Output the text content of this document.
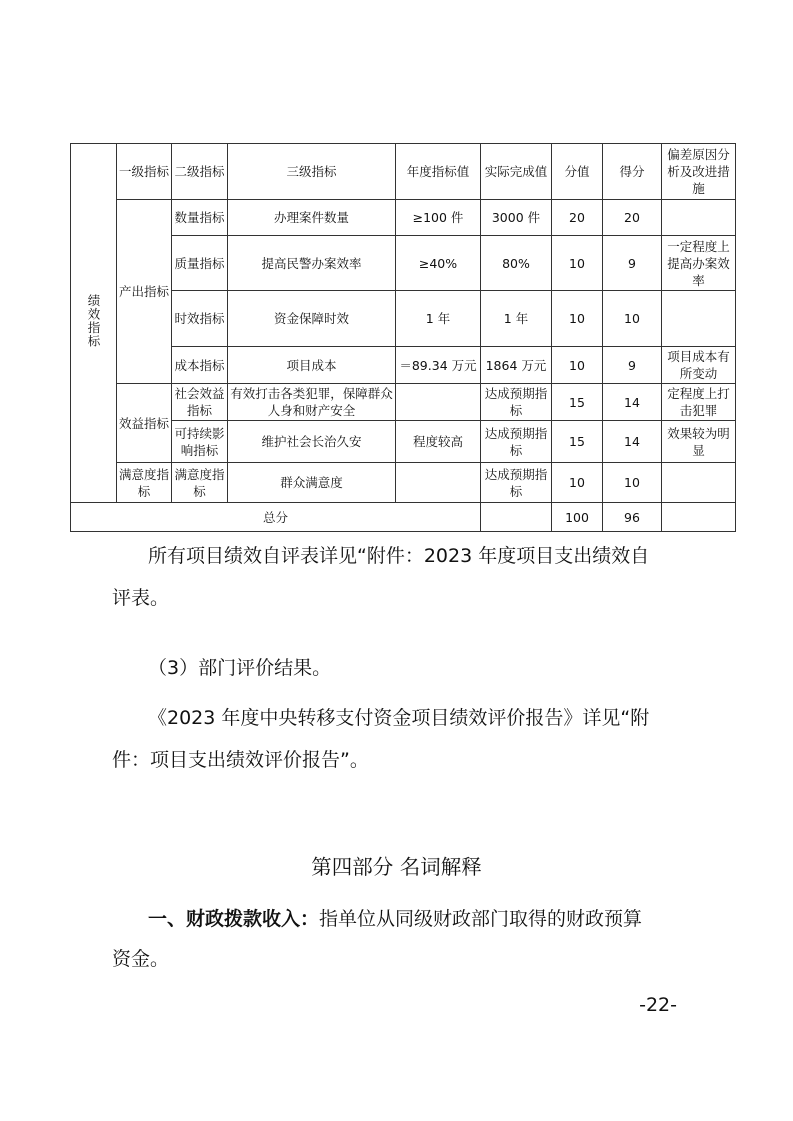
绩效指标	一级指标	二级指标	三级指标	年度指标值	实际完成值	分值	得分	偏差原因分析及改进措施
	产出指标	数量指标	办理案件数量	≥100 件	3000 件	20	20	
		质量指标	提高民警办案效率	≥40%	80%	10	9	一定程度上提高办案效率
		时效指标	资金保障时效	1 年	1 年	10	10	
		成本指标	项目成本	＝89.34 万元	1864 万元	10	9	项目成本有所变动
	效益指标	社会效益指标	有效打击各类犯罪，保障群众人身和财产安全		达成预期指标	15	14	定程度上打击犯罪
		可持续影响指标	维护社会长治久安	程度较高	达成预期指标	15	14	效果较为明显
	满意度指标	满意度指标	群众满意度		达成预期指标	10	10	
总分						100	96	

所有项目绩效自评表详见“附件：2023 年度项目支出绩效自

评表。

（3）部门评价结果。

《2023 年度中央转移支付资金项目绩效评价报告》详见“附

件：项目支出绩效评价报告”。

第四部分 名词解释

一、财政拨款收入：指单位从同级财政部门取得的财政预算

资金。

-22-
